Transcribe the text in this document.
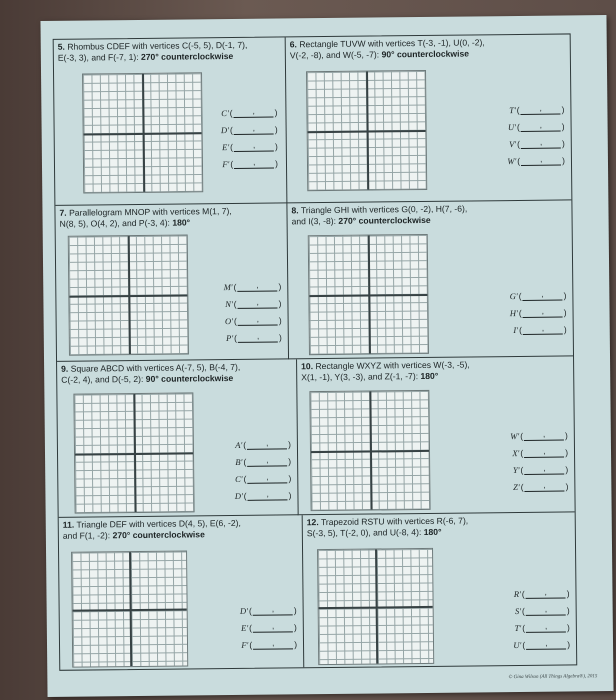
5. Rhombus CDEF with vertices C(-5, 5), D(-1, 7),
E(-3, 3), and F(-7, 1): 270° counterclockwise
C' ( ,	)
D' ( ,	)
E' ( ,	)
F' ( ,	)
6. Rectangle TUVW with vertices T(-3, -1), U(0, -2),
V(-2, -8), and W(-5, -7): 90° counterclockwise
T' ( ,	)
U' ( ,	)
V' ( ,	)
W' ( ,	)
7. Parallelogram MNOP with vertices M(1, 7),
N(8, 5), O(4, 2), and P(-3, 4): 180°
M' ( ,	)
N' ( ,	)
O' ( ,	)
P' ( ,	)
8. Triangle GHI with vertices G(0, -2), H(7, -6),
and I(3, -8): 270° counterclockwise
G' ( ,	)
H' ( ,	)
I' ( ,	)
9. Square ABCD with vertices A(-7, 5), B(-4, 7),
C(-2, 4), and D(-5, 2): 90° counterclockwise
A' ( ,	)
B' ( ,	)
C' ( ,	)
D' ( ,	)
10. Rectangle WXYZ with vertices W(-3, -5),
X(1, -1), Y(3, -3), and Z(-1, -7): 180°
W' ( ,	)
X' ( ,	)
Y' ( ,	)
Z' ( ,	)
11. Triangle DEF with vertices D(4, 5), E(6, -2),
and F(1, -2): 270° counterclockwise
D' ( ,	)
E' ( ,	)
F' ( ,	)
12. Trapezoid RSTU with vertices R(-6, 7),
S(-3, 5), T(-2, 0), and U(-8, 4): 180°
R' ( ,	)
S' ( ,	)
T' ( ,	)
U' ( ,	)
© Gina Wilson (All Things Algebra®), 2015
